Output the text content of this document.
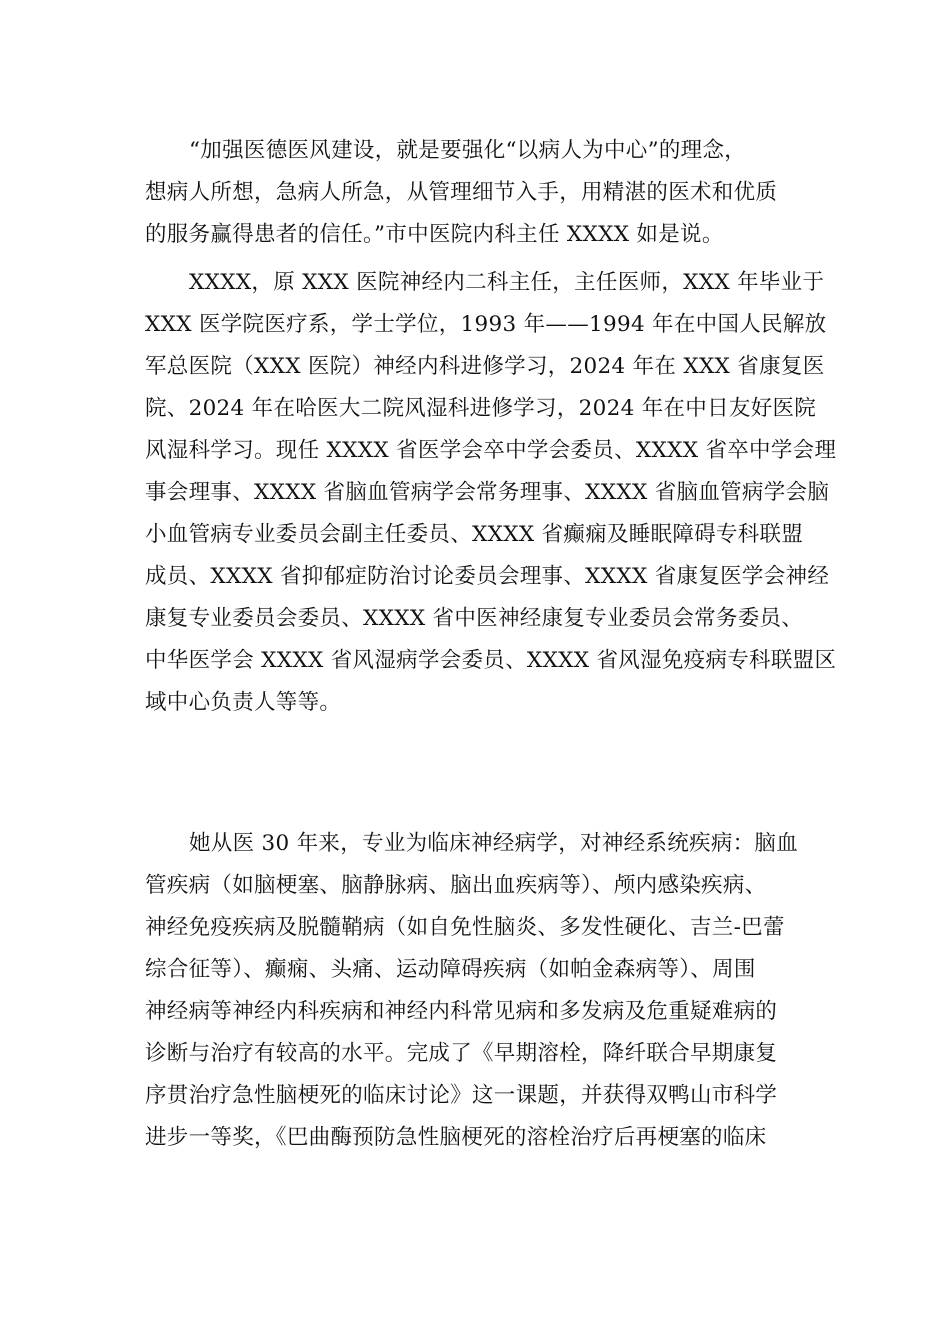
“加强医德医风建设，就是要强化“以病人为中心”的理念，
想病人所想，急病人所急，从管理细节入手，用精湛的医术和优质
的服务赢得患者的信任。”市中医院内科主任 XXXX 如是说。
XXXX，原 XXX 医院神经内二科主任，主任医师，XXX 年毕业于
XXX 医学院医疗系，学士学位，1993 年——1994 年在中国人民解放
军总医院（XXX 医院）神经内科进修学习，2024 年在 XXX 省康复医
院、2024 年在哈医大二院风湿科进修学习，2024 年在中日友好医院
风湿科学习。现任 XXXX 省医学会卒中学会委员、XXXX 省卒中学会理
事会理事、XXXX 省脑血管病学会常务理事、XXXX 省脑血管病学会脑
小血管病专业委员会副主任委员、XXXX 省癫痫及睡眠障碍专科联盟
成员、XXXX 省抑郁症防治讨论委员会理事、XXXX 省康复医学会神经
康复专业委员会委员、XXXX 省中医神经康复专业委员会常务委员、
中华医学会 XXXX 省风湿病学会委员、XXXX 省风湿免疫病专科联盟区
域中心负责人等等。
她从医 30 年来，专业为临床神经病学，对神经系统疾病：脑血
管疾病（如脑梗塞、脑静脉病、脑出血疾病等）、颅内感染疾病、
神经免疫疾病及脱髓鞘病（如自免性脑炎、多发性硬化、吉兰-巴蕾
综合征等）、癫痫、头痛、运动障碍疾病（如帕金森病等）、周围
神经病等神经内科疾病和神经内科常见病和多发病及危重疑难病的
诊断与治疗有较高的水平。完成了《早期溶栓，降纤联合早期康复
序贯治疗急性脑梗死的临床讨论》这一课题，并获得双鸭山市科学
进步一等奖，《巴曲酶预防急性脑梗死的溶栓治疗后再梗塞的临床
